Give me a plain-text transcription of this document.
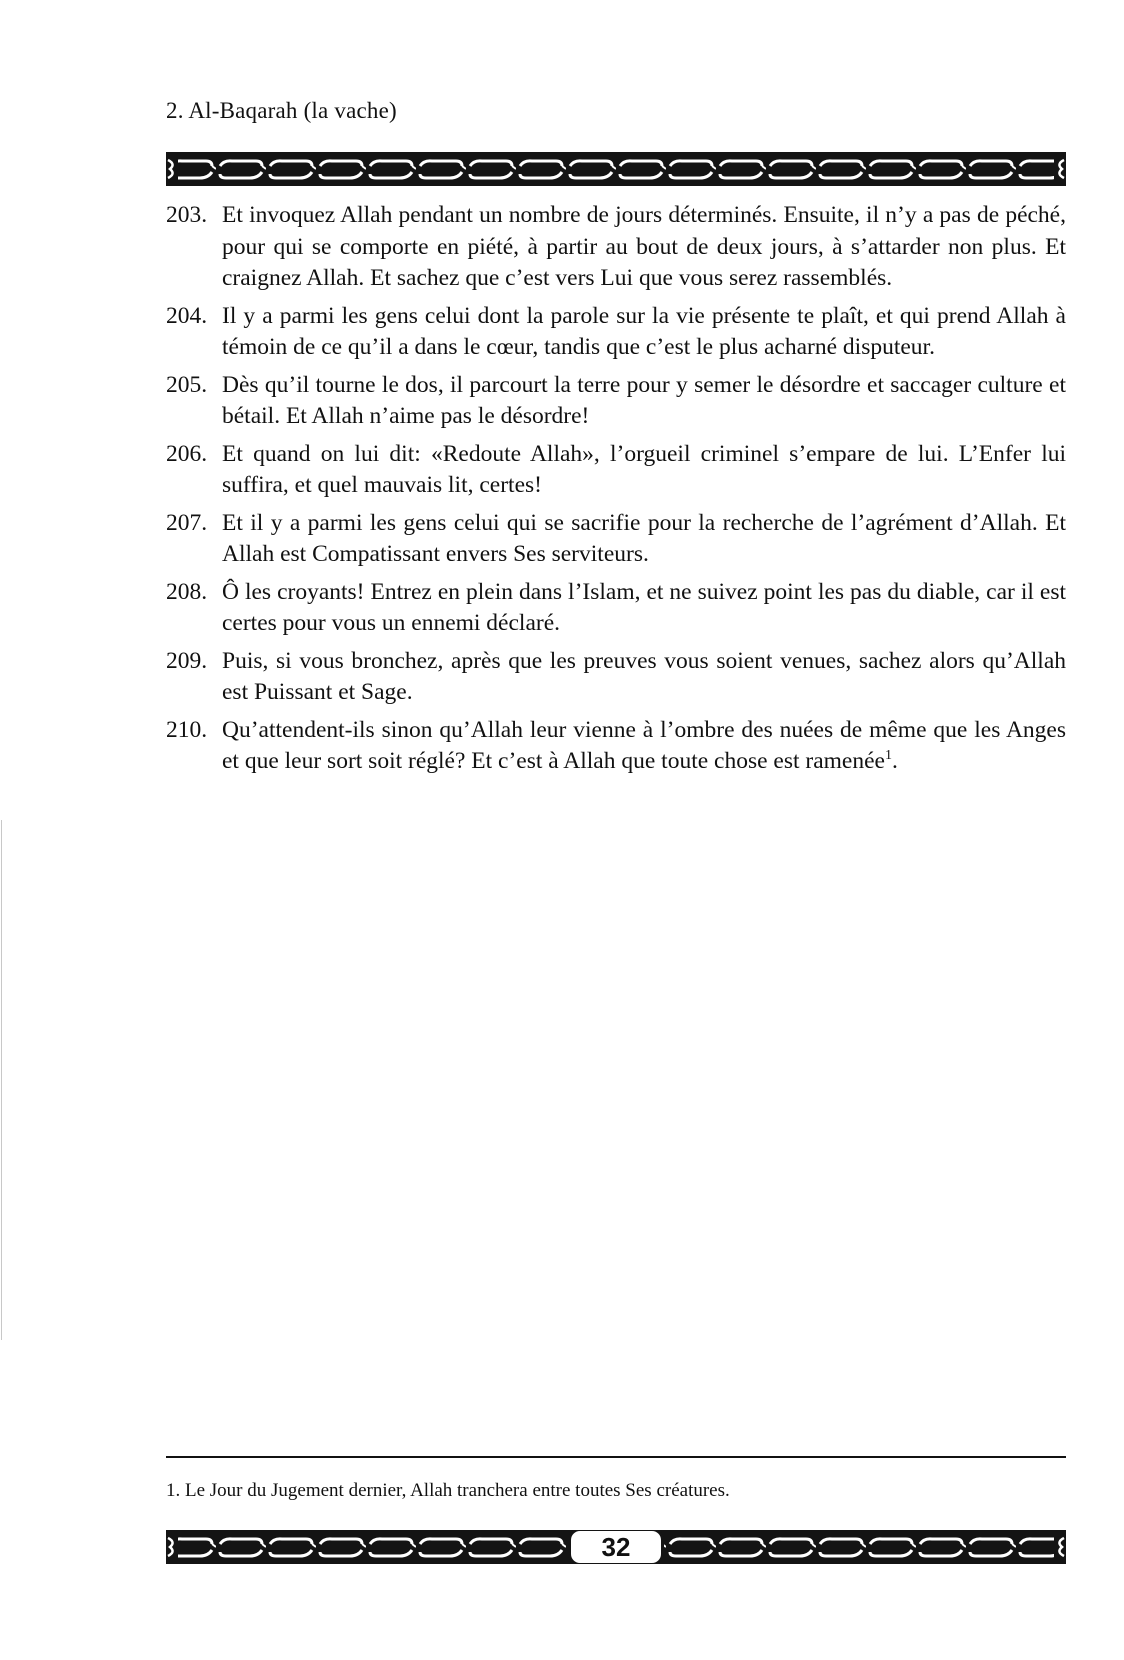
2. Al-Baqarah (la vache)
203. Et invoquez Allah pendant un nombre de jours déterminés. Ensuite, il n’y a pas de péché, pour qui se comporte en piété, à partir au bout de deux jours, à s’attarder non plus. Et craignez Allah. Et sachez que c’est vers Lui que vous serez rassemblés.
204. Il y a parmi les gens celui dont la parole sur la vie présente te plaît, et qui prend Allah à témoin de ce qu’il a dans le cœur, tandis que c’est le plus acharné disputeur.
205. Dès qu’il tourne le dos, il parcourt la terre pour y semer le désordre et saccager culture et bétail. Et Allah n’aime pas le désordre!
206. Et quand on lui dit: «Redoute Allah», l’orgueil criminel s’empare de lui. L’Enfer lui suffira, et quel mauvais lit, certes!
207. Et il y a parmi les gens celui qui se sacrifie pour la recherche de l’agrément d’Allah. Et Allah est Compatissant envers Ses serviteurs.
208. Ô les croyants! Entrez en plein dans l’Islam, et ne suivez point les pas du diable, car il est certes pour vous un ennemi déclaré.
209. Puis, si vous bronchez, après que les preuves vous soient venues, sachez alors qu’Allah est Puissant et Sage.
210. Qu’attendent-ils sinon qu’Allah leur vienne à l’ombre des nuées de même que les Anges et que leur sort soit réglé? Et c’est à Allah que toute chose est ramenée$^1$.
1. Le Jour du Jugement dernier, Allah tranchera entre toutes Ses créatures.
32
